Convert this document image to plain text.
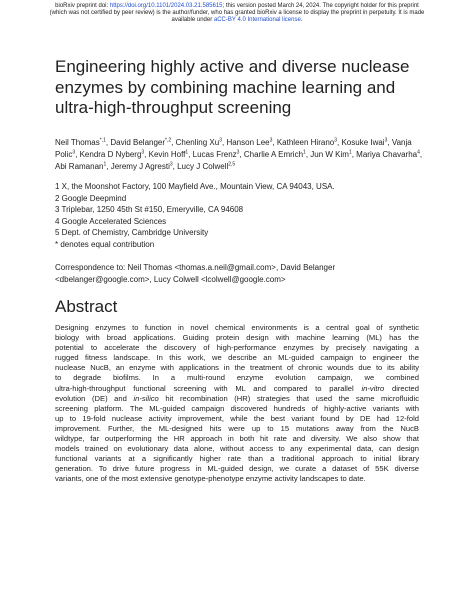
bioRxiv preprint doi: https://doi.org/10.1101/2024.03.21.585615; this version posted March 24, 2024. The copyright holder for this preprint
(which was not certified by peer review) is the author/funder, who has granted bioRxiv a license to display the preprint in perpetuity. It is made
available under aCC-BY 4.0 International license.
Engineering highly active and diverse nuclease enzymes by combining machine learning and ultra-high-throughput screening
Neil Thomas$^{*,1}$, David Belanger$^{*,2}$, Chenling Xu$^3$, Hanson Lee$^3$, Kathleen Hirano$^3$, Kosuke Iwai$^3$, Vanja Polic$^3$, Kendra D Nyberg$^3$, Kevin Hoff$^1$, Lucas Frenz$^3$, Charlie A Emrich$^1$, Jun W Kim$^1$, Mariya Chavarha$^4$, Abi Ramanan$^1$, Jeremy J Agresti$^3$, Lucy J Colwell$^{2,5}$
1 X, the Moonshot Factory, 100 Mayfield Ave., Mountain View, CA 94043, USA.
2 Google Deepmind
3 Triplebar, 1250 45th St #150, Emeryville, CA 94608
4 Google Accelerated Sciences
5 Dept. of Chemistry, Cambridge University
* denotes equal contribution
Correspondence to: Neil Thomas <thomas.a.neil@gmail.com>, David Belanger
<dbelanger@google.com>, Lucy Colwell <lcolwell@google.com>
Abstract
Designing enzymes to function in novel chemical environments is a central goal of synthetic
biology with broad applications. Guiding protein design with machine learning (ML) has the
potential to accelerate the discovery of high-performance enzymes by precisely navigating a
rugged fitness landscape. In this work, we describe an ML-guided campaign to engineer the
nuclease NucB, an enzyme with applications in the treatment of chronic wounds due to its ability
to degrade biofilms. In a multi-round enzyme evolution campaign, we combined
ultra-high-throughput functional screening with ML and compared to parallel in-vitro directed
evolution (DE) and in-silico hit recombination (HR) strategies that used the same microfluidic
screening platform. The ML-guided campaign discovered hundreds of highly-active variants with
up to 19-fold nuclease activity improvement, while the best variant found by DE had 12-fold
improvement. Further, the ML-designed hits were up to 15 mutations away from the NucB
wildtype, far outperforming the HR approach in both hit rate and diversity. We also show that
models trained on evolutionary data alone, without access to any experimental data, can design
functional variants at a significantly higher rate than a traditional approach to initial library
generation. To drive future progress in ML-guided design, we curate a dataset of 55K diverse
variants, one of the most extensive genotype-phenotype enzyme activity landscapes to date.
